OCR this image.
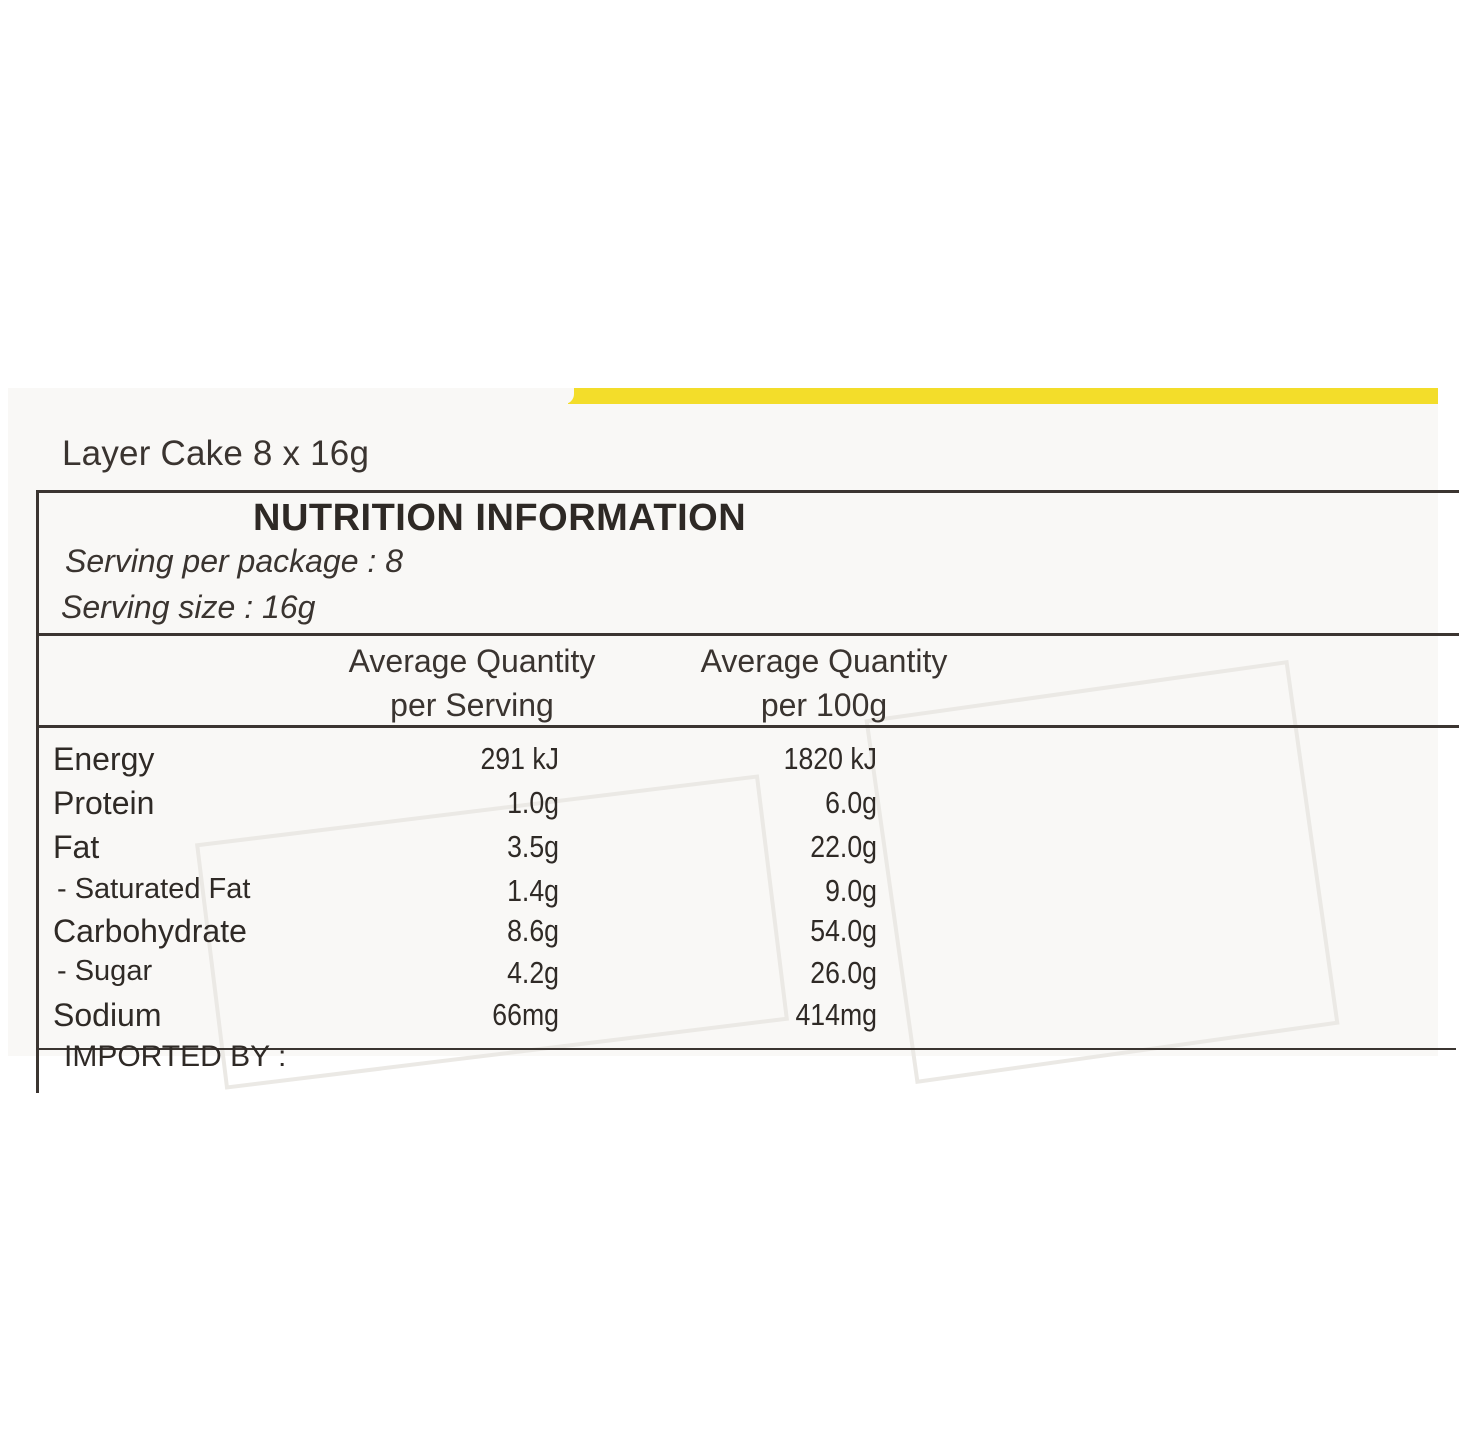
Layer Cake 8 x 16g
NUTRITION INFORMATION
Serving per package : 8
Serving size : 16g
Average Quantity
per Serving
Average Quantity
per 100g
Energy	291 kJ	1820 kJ
Protein	1.0g	6.0g
Fat	3.5g	22.0g
- Saturated Fat	1.4g	9.0g
Carbohydrate	8.6g	54.0g
- Sugar	4.2g	26.0g
Sodium	66mg	414mg
IMPORTED BY :
